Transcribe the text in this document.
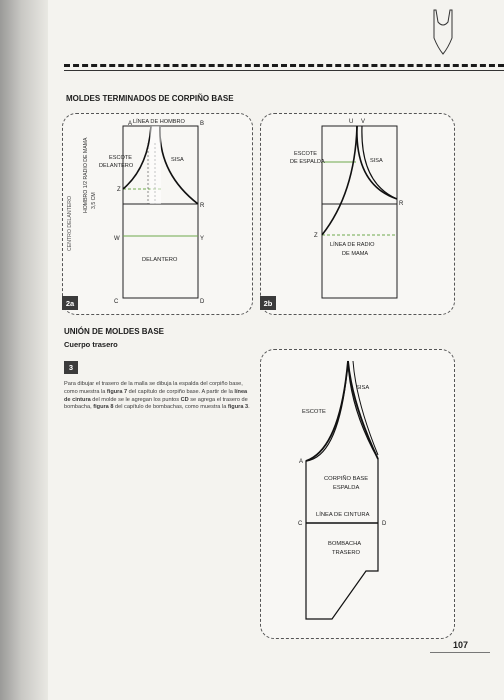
MOLDES TERMINADOS DE CORPIÑO BASE
A LÍNEA DE HOMBRO	B
ESCOTE
DELANTERO
SISA
Z
R
W	Y
DELANTERO
C	D
CENTRO DELANTERO
HOMBRO 1/2 RADIO DE MAMA 3,5 CM
2a
U V
ESCOTE
DE ESPALDA	SISA
R
Z
LÍNEA DE RADIO
DE MAMA
2b
UNIÓN DE MOLDES BASE
Cuerpo trasero
3
Para dibujar el trasero de la malla se dibuja la espalda del corpiño base, como muestra la figura 7 del capítulo de corpiño base. A partir de la línea de cintura del molde se le agregan los puntos CD se agrega el trasero de bombacha, figura 8 del capítulo de bombachas, como muestra la figura 3.
SISA
ESCOTE
A
CORPIÑO BASE
ESPALDA
LÍNEA DE CINTURA
C	D
BOMBACHA
TRASERO
107
